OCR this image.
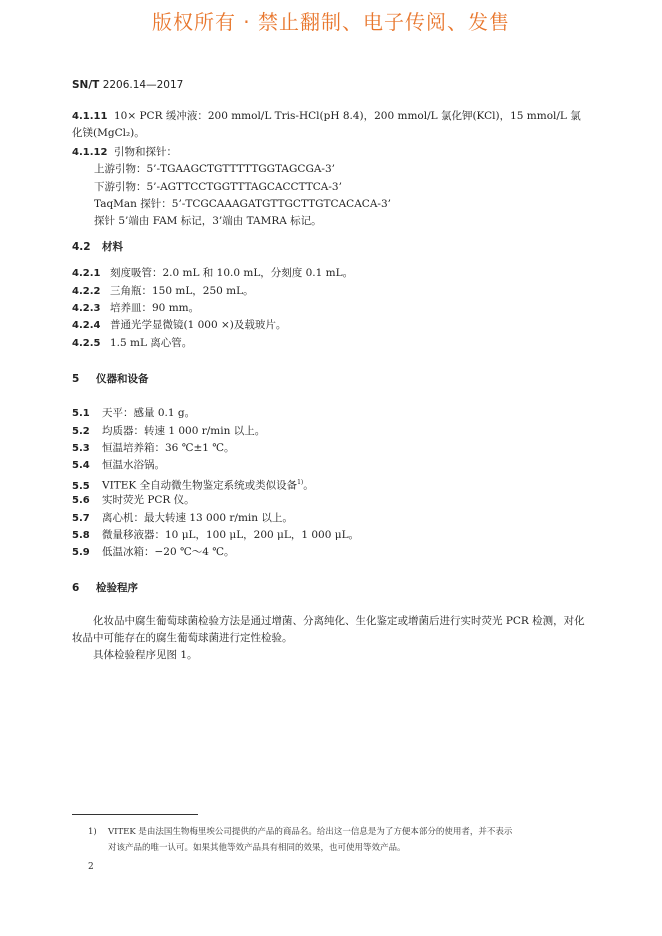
版权所有 · 禁止翻制、电子传阅、发售
SN/T 2206.14—2017
4.1.11 10× PCR 缓冲液：200 mmol/L Tris-HCl(pH 8.4)，200 mmol/L 氯化钾(KCl)，15 mmol/L 氯
化镁(MgCl₂)。
4.1.12 引物和探针：
上游引物：5’-TGAAGCTGTTTTTGGTAGCGA-3’
下游引物：5’-AGTTCCTGGTTTAGCACCTTCA-3’
TaqMan 探针：5’-TCGCAAAGATGTTGCTTGTCACACA-3’
探针 5’端由 FAM 标记，3’端由 TAMRA 标记。
4.2 材料
4.2.1 刻度吸管：2.0 mL 和 10.0 mL，分刻度 0.1 mL。
4.2.2 三角瓶：150 mL，250 mL。
4.2.3 培养皿：90 mm。
4.2.4 普通光学显微镜(1 000 ×)及载玻片。
4.2.5 1.5 mL 离心管。
5 仪器和设备
5.1 天平：感量 0.1 g。
5.2 均质器：转速 1 000 r/min 以上。
5.3 恒温培养箱：36 ℃±1 ℃。
5.4 恒温水浴锅。
5.5 VITEK 全自动微生物鉴定系统或类似设备$^{1)}$。
5.6 实时荧光 PCR 仪。
5.7 离心机：最大转速 13 000 r/min 以上。
5.8 微量移液器：10 μL，100 μL，200 μL，1 000 μL。
5.9 低温冰箱：−20 ℃～4 ℃。
6 检验程序

化妆品中腐生葡萄球菌检验方法是通过增菌、分离纯化、生化鉴定或增菌后进行实时荧光 PCR 检测，对化妆品中可能存在的腐生葡萄球菌进行定性检验。

具体检验程序见图 1。

1) VITEK 是由法国生物梅里埃公司提供的产品的商品名。给出这一信息是为了方便本部分的使用者，并不表示
对该产品的唯一认可。如果其他等效产品具有相同的效果，也可使用等效产品。
2
